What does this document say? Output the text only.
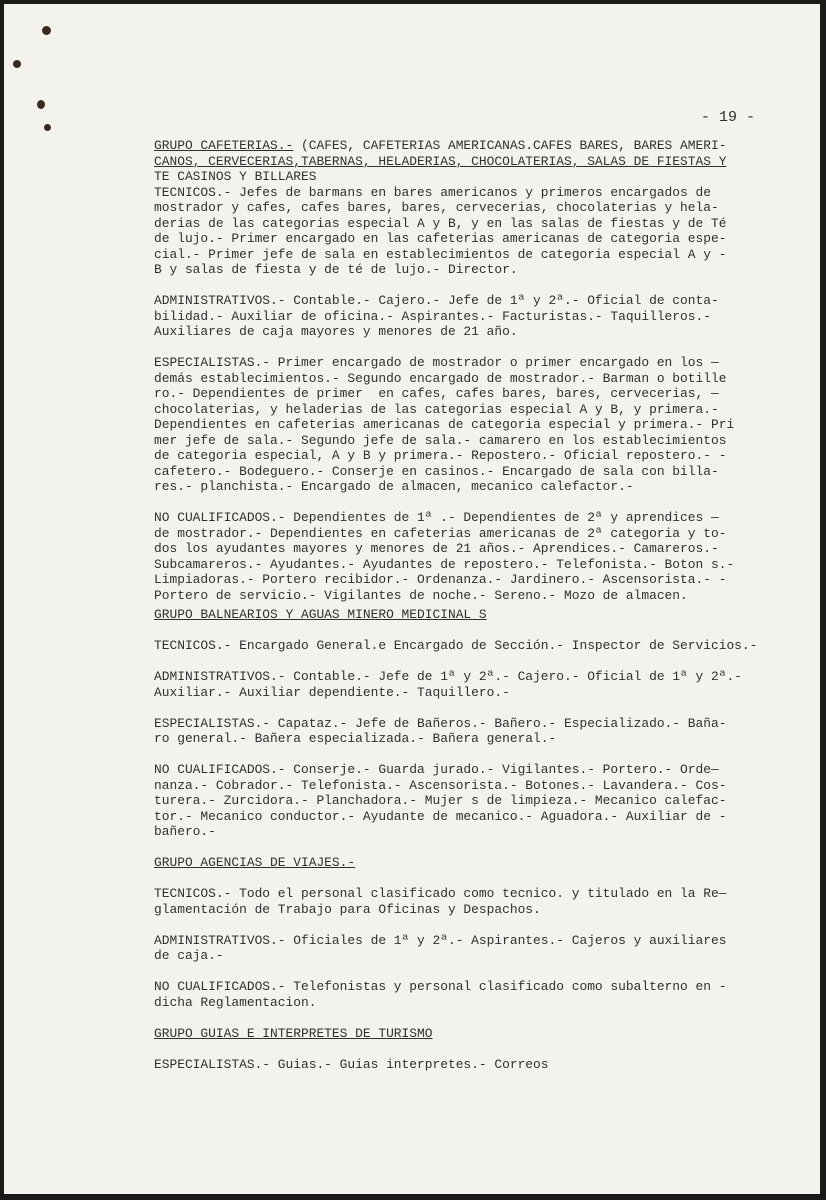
- 19 -

GRUPO CAFETERIAS.- (CAFES, CAFETERIAS AMERICANAS.CAFES BARES, BARES AMERI-
CANOS, CERVECERIAS,TABERNAS, HELADERIAS, CHOCOLATERIAS, SALAS DE FIESTAS Y
TE CASINOS Y BILLARES
TECNICOS.- Jefes de barmans en bares americanos y primeros encargados de
mostrador y cafes, cafes bares, bares, cervecerias, chocolaterias y hela-
derias de las categorias especial A y B, y en las salas de fiestas y de Té
de lujo.- Primer encargado en las cafeterias americanas de categoria espe-
cial.- Primer jefe de sala en establecimientos de categoria especial A y -
B y salas de fiesta y de té de lujo.- Director.

ADMINISTRATIVOS.- Contable.- Cajero.- Jefe de 1ª y 2ª.- Oficial de conta-
bilidad.- Auxiliar de oficina.- Aspirantes.- Facturistas.- Taquilleros.-
Auxiliares de caja mayores y menores de 21 año.

ESPECIALISTAS.- Primer encargado de mostrador o primer encargado en los —
demás establecimientos.- Segundo encargado de mostrador.- Barman o botille
ro.- Dependientes de primer  en cafes, cafes bares, bares, cervecerias, —
chocolaterias, y heladerias de las categorias especial A y B, y primera.-
Dependientes en cafeterias americanas de categoria especial y primera.- Pri
mer jefe de sala.- Segundo jefe de sala.- camarero en los establecimientos
de categoria especial, A y B y primera.- Repostero.- Oficial repostero.- -
cafetero.- Bodeguero.- Conserje en casinos.- Encargado de sala con billa-
res.- planchista.- Encargado de almacen, mecanico calefactor.-

NO CUALIFICADOS.- Dependientes de 1ª .- Dependientes de 2ª y aprendices —
de mostrador.- Dependientes en cafeterias americanas de 2ª categoria y to-
dos los ayudantes mayores y menores de 21 años.- Aprendices.- Camareros.-
Subcamareros.- Ayudantes.- Ayudantes de repostero.- Telefonista.- Boton s.-
Limpiadoras.- Portero recibidor.- Ordenanza.- Jardinero.- Ascensorista.- -
Portero de servicio.- Vigilantes de noche.- Sereno.- Mozo de almacen.

GRUPO BALNEARIOS Y AGUAS MINERO MEDICINAL S

TECNICOS.- Encargado General.e Encargado de Sección.- Inspector de Servicios.-

ADMINISTRATIVOS.- Contable.- Jefe de 1ª y 2ª.- Cajero.- Oficial de 1ª y 2ª.-
Auxiliar.- Auxiliar dependiente.- Taquillero.-

ESPECIALISTAS.- Capataz.- Jefe de Bañeros.- Bañero.- Especializado.- Baña-
ro general.- Bañera especializada.- Bañera general.-

NO CUALIFICADOS.- Conserje.- Guarda jurado.- Vigilantes.- Portero.- Orde—
nanza.- Cobrador.- Telefonista.- Ascensorista.- Botones.- Lavandera.- Cos-
turera.- Zurcidora.- Planchadora.- Mujer s de limpieza.- Mecanico calefac-
tor.- Mecanico conductor.- Ayudante de mecanico.- Aguadora.- Auxiliar de -
bañero.-

GRUPO AGENCIAS DE VIAJES.-

TECNICOS.- Todo el personal clasificado como tecnico. y titulado en la Re—
glamentación de Trabajo para Oficinas y Despachos.

ADMINISTRATIVOS.- Oficiales de 1ª y 2ª.- Aspirantes.- Cajeros y auxiliares
de caja.-

NO CUALIFICADOS.- Telefonistas y personal clasificado como subalterno en -
dicha Reglamentacion.

GRUPO GUIAS E INTERPRETES DE TURISMO

ESPECIALISTAS.- Guias.- Guias interpretes.- Correos
